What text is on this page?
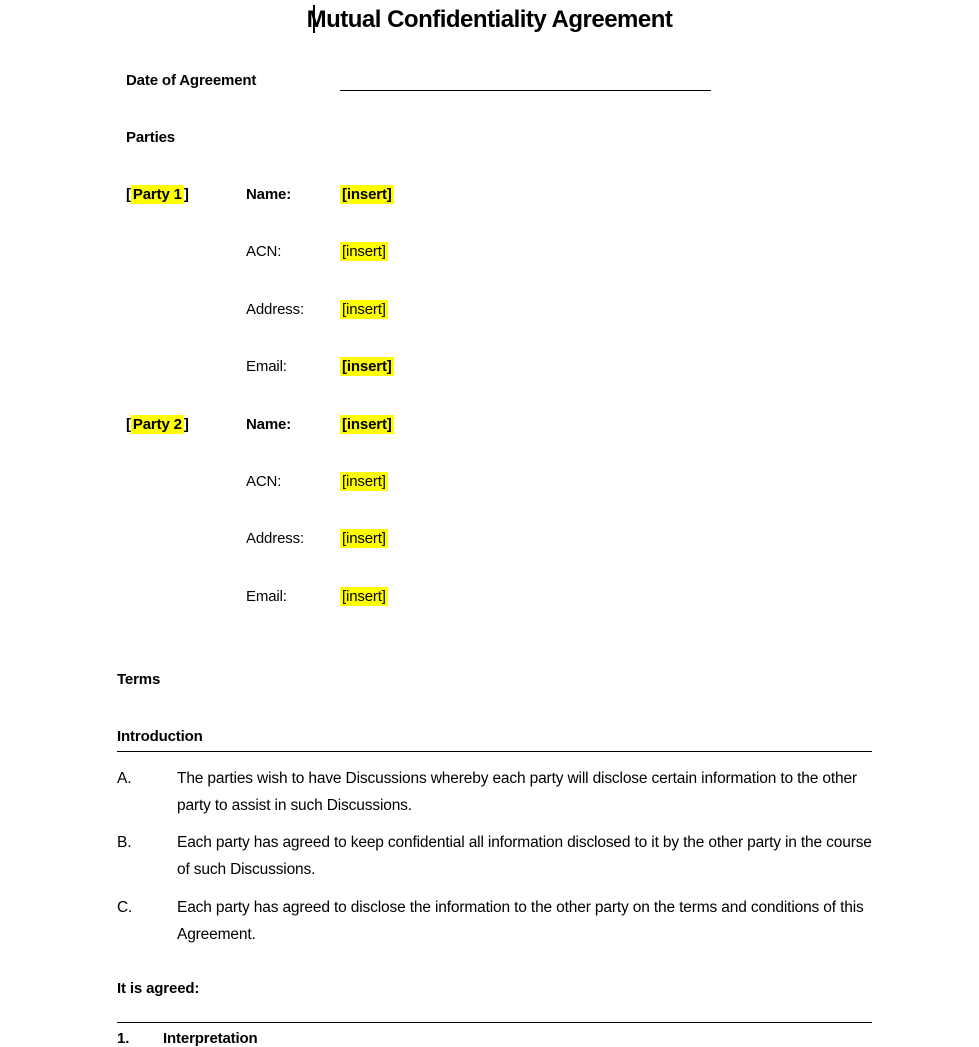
Mutual Confidentiality Agreement
Date of Agreement
Parties
[ Party 1 ]	Name:	[insert]
ACN:	[insert]
Address:	[insert]
Email:	[insert]
[ Party 2 ]	Name:	[insert]
ACN:	[insert]
Address:	[insert]
Email:	[insert]
Terms
Introduction
A.	The parties wish to have Discussions whereby each party will disclose certain information to the other party to assist in such Discussions.
B.	Each party has agreed to keep confidential all information disclosed to it by the other party in the course of such Discussions.
C.	Each party has agreed to disclose the information to the other party on the terms and conditions of this Agreement.
It is agreed:
1. Interpretation
